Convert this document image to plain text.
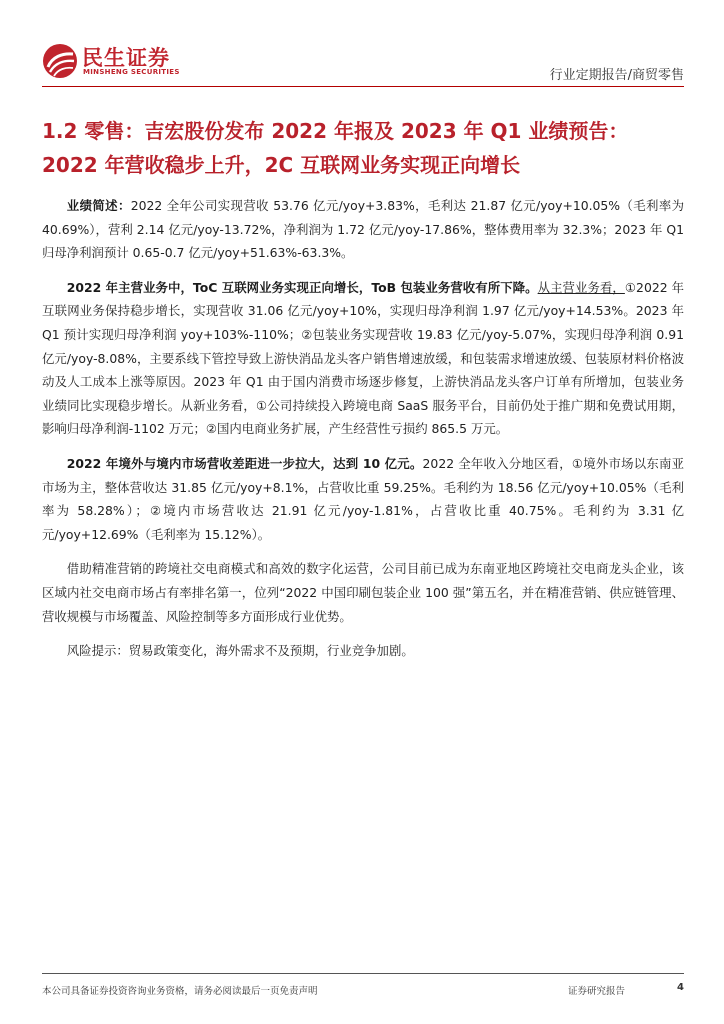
民生证券
MINSHENG SECURITIES	行业定期报告/商贸零售
1.2 零售：吉宏股份发布 2022 年报及 2023 年 Q1 业绩预告：2022 年营收稳步上升，2C 互联网业务实现正向增长

业绩简述：2022 全年公司实现营收 53.76 亿元/yoy+3.83%，毛利达 21.87 亿元/yoy+10.05%（毛利率为 40.69%），营利 2.14 亿元/yoy-13.72%，净利润为 1.72 亿元/yoy-17.86%，整体费用率为 32.3%；2023 年 Q1 归母净利润预计 0.65-0.7 亿元/yoy+51.63%-63.3%。

2022 年主营业务中，ToC 互联网业务实现正向增长，ToB 包装业务营收有所下降。从主营业务看，①2022 年互联网业务保持稳步增长，实现营收 31.06 亿元/yoy+10%，实现归母净利润 1.97 亿元/yoy+14.53%。2023 年 Q1 预计实现归母净利润 yoy+103%-110%；②包装业务实现营收 19.83 亿元/yoy-5.07%，实现归母净利润 0.91 亿元/yoy-8.08%，主要系线下管控导致上游快消品龙头客户销售增速放缓，和包装需求增速放缓、包装原材料价格波动及人工成本上涨等原因。2023 年 Q1 由于国内消费市场逐步修复，上游快消品龙头客户订单有所增加，包装业务业绩同比实现稳步增长。从新业务看，①公司持续投入跨境电商 SaaS 服务平台，目前仍处于推广期和免费试用期，影响归母净利润-1102 万元；②国内电商业务扩展，产生经营性亏损约 865.5 万元。

2022 年境外与境内市场营收差距进一步拉大，达到 10 亿元。2022 全年收入分地区看，①境外市场以东南亚市场为主，整体营收达 31.85 亿元/yoy+8.1%，占营收比重 59.25%。毛利约为 18.56 亿元/yoy+10.05%（毛利率为 58.28%）；②境内市场营收达 21.91 亿元/yoy-1.81%，占营收比重 40.75%。毛利约为 3.31 亿元/yoy+12.69%（毛利率为 15.12%）。

借助精准营销的跨境社交电商模式和高效的数字化运营，公司目前已成为东南亚地区跨境社交电商龙头企业，该区域内社交电商市场占有率排名第一，位列“2022 中国印刷包装企业 100 强”第五名，并在精准营销、供应链管理、营收规模与市场覆盖、风险控制等多方面形成行业优势。

风险提示：贸易政策变化，海外需求不及预期，行业竞争加剧。

本公司具备证券投资咨询业务资格，请务必阅读最后一页免责声明	证券研究报告	4
